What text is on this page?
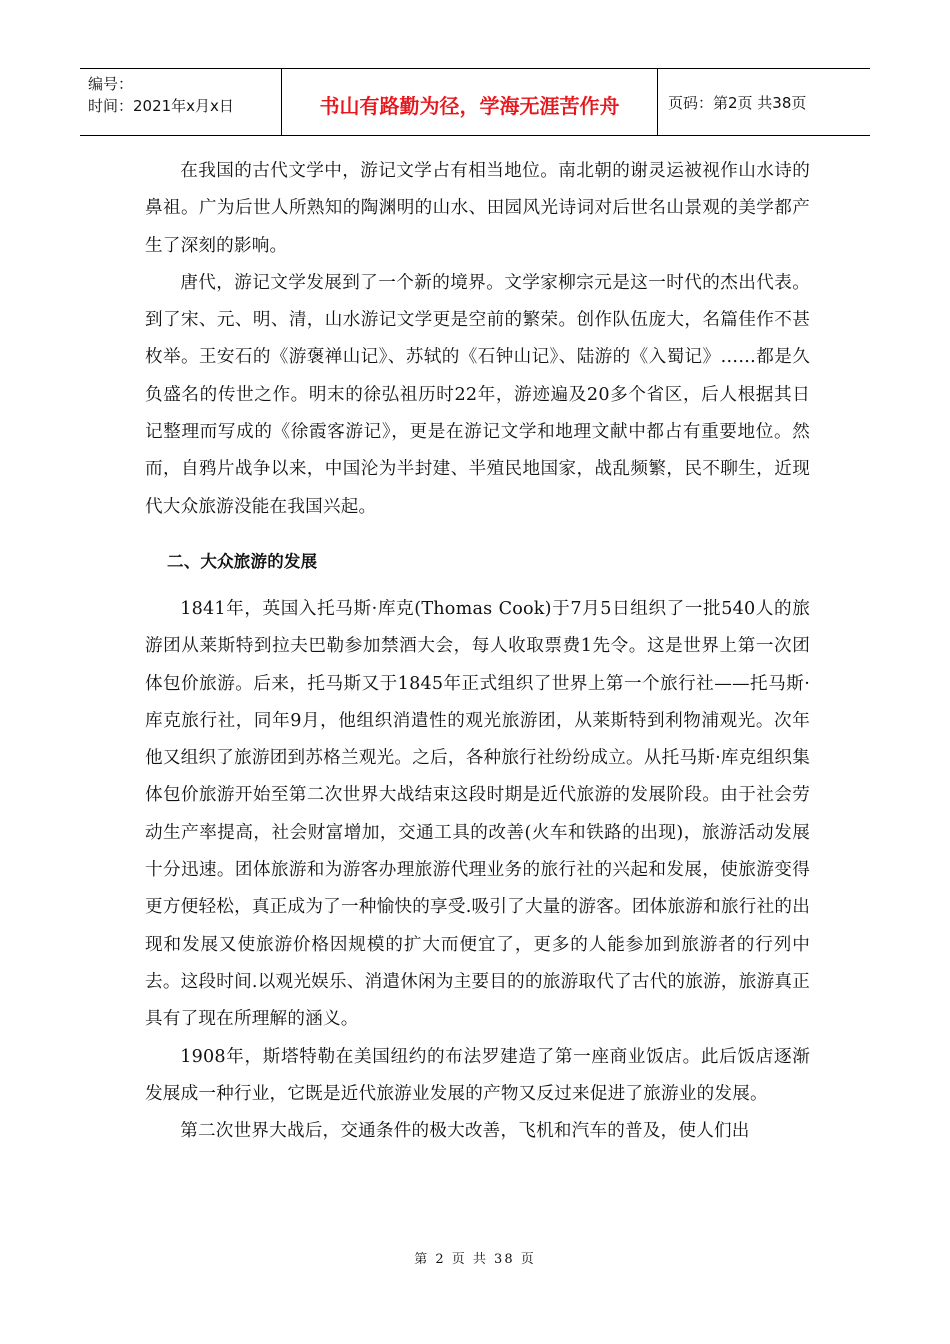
编号：
时间：2021年x月x日	书山有路勤为径，学海无涯苦作舟	页码：第2页 共38页

在我国的古代文学中，游记文学占有相当地位。南北朝的谢灵运被视作山水诗的鼻祖。广为后世人所熟知的陶渊明的山水、田园风光诗词对后世名山景观的美学都产生了深刻的影响。

唐代，游记文学发展到了一个新的境界。文学家柳宗元是这一时代的杰出代表。到了宋、元、明、清，山水游记文学更是空前的繁荣。创作队伍庞大，名篇佳作不甚枚举。王安石的《游褒禅山记》、苏轼的《石钟山记》、陆游的《入蜀记》……都是久负盛名的传世之作。明末的徐弘祖历时22年，游迹遍及20多个省区，后人根据其日记整理而写成的《徐霞客游记》，更是在游记文学和地理文献中都占有重要地位。然而，自鸦片战争以来，中国沦为半封建、半殖民地国家，战乱频繁，民不聊生，近现代大众旅游没能在我国兴起。

二、大众旅游的发展

1841年，英国入托马斯·库克(Thomas Cook)于7月5日组织了一批540人的旅游团从莱斯特到拉夫巴勒参加禁酒大会，每人收取票费1先令。这是世界上第一次团体包价旅游。后来，托马斯又于1845年正式组织了世界上第一个旅行社——托马斯·库克旅行社，同年9月，他组织消遣性的观光旅游团，从莱斯特到利物浦观光。次年他又组织了旅游团到苏格兰观光。之后，各种旅行社纷纷成立。从托马斯·库克组织集体包价旅游开始至第二次世界大战结束这段时期是近代旅游的发展阶段。由于社会劳动生产率提高，社会财富增加，交通工具的改善(火车和铁路的出现)，旅游活动发展十分迅速。团体旅游和为游客办理旅游代理业务的旅行社的兴起和发展，使旅游变得更方便轻松，真正成为了一种愉快的享受.吸引了大量的游客。团体旅游和旅行社的出现和发展又使旅游价格因规模的扩大而便宜了，更多的人能参加到旅游者的行列中去。这段时间.以观光娱乐、消遣休闲为主要目的的旅游取代了古代的旅游，旅游真正具有了现在所理解的涵义。

1908年，斯塔特勒在美国纽约的布法罗建造了第一座商业饭店。此后饭店逐渐发展成一种行业，它既是近代旅游业发展的产物又反过来促进了旅游业的发展。

第二次世界大战后，交通条件的极大改善，飞机和汽车的普及，使人们出

第 2 页 共 38 页
